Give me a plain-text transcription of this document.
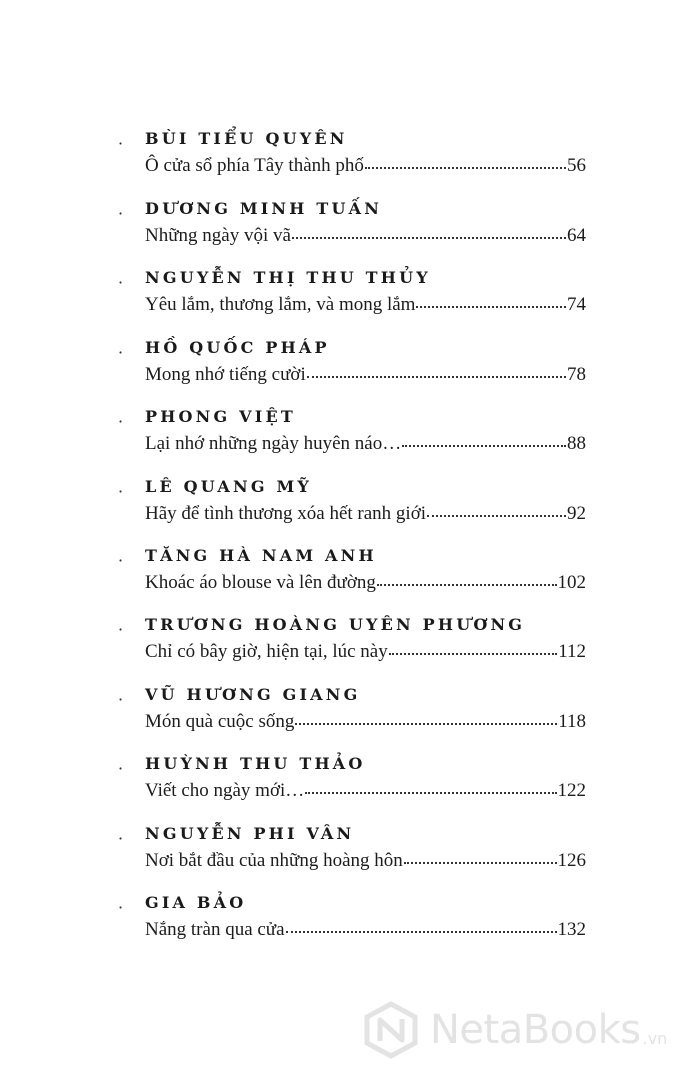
· BÙI TIỂU QUYÊN
Ô cửa sổ phía Tây thành phố	56
· DƯƠNG MINH TUẤN
Những ngày vội vã	64
· NGUYỄN THỊ THU THỦY
Yêu lắm, thương lắm, và mong lắm	74
· HỒ QUỐC PHÁP
Mong nhớ tiếng cười	78
· PHONG VIỆT
Lại nhớ những ngày huyên náo…	88
· LÊ QUANG MỸ
Hãy để tình thương xóa hết ranh giới	92
· TĂNG HÀ NAM ANH
Khoác áo blouse và lên đường	102
· TRƯƠNG HOÀNG UYÊN PHƯƠNG
Chỉ có bây giờ, hiện tại, lúc này	112
· VŨ HƯƠNG GIANG
Món quà cuộc sống	118
· HUỲNH THU THẢO
Viết cho ngày mới…	122
· NGUYỄN PHI VÂN
Nơi bắt đầu của những hoàng hôn	126
· GIA BẢO
Nắng tràn qua cửa	132
NetaBooks .vn
